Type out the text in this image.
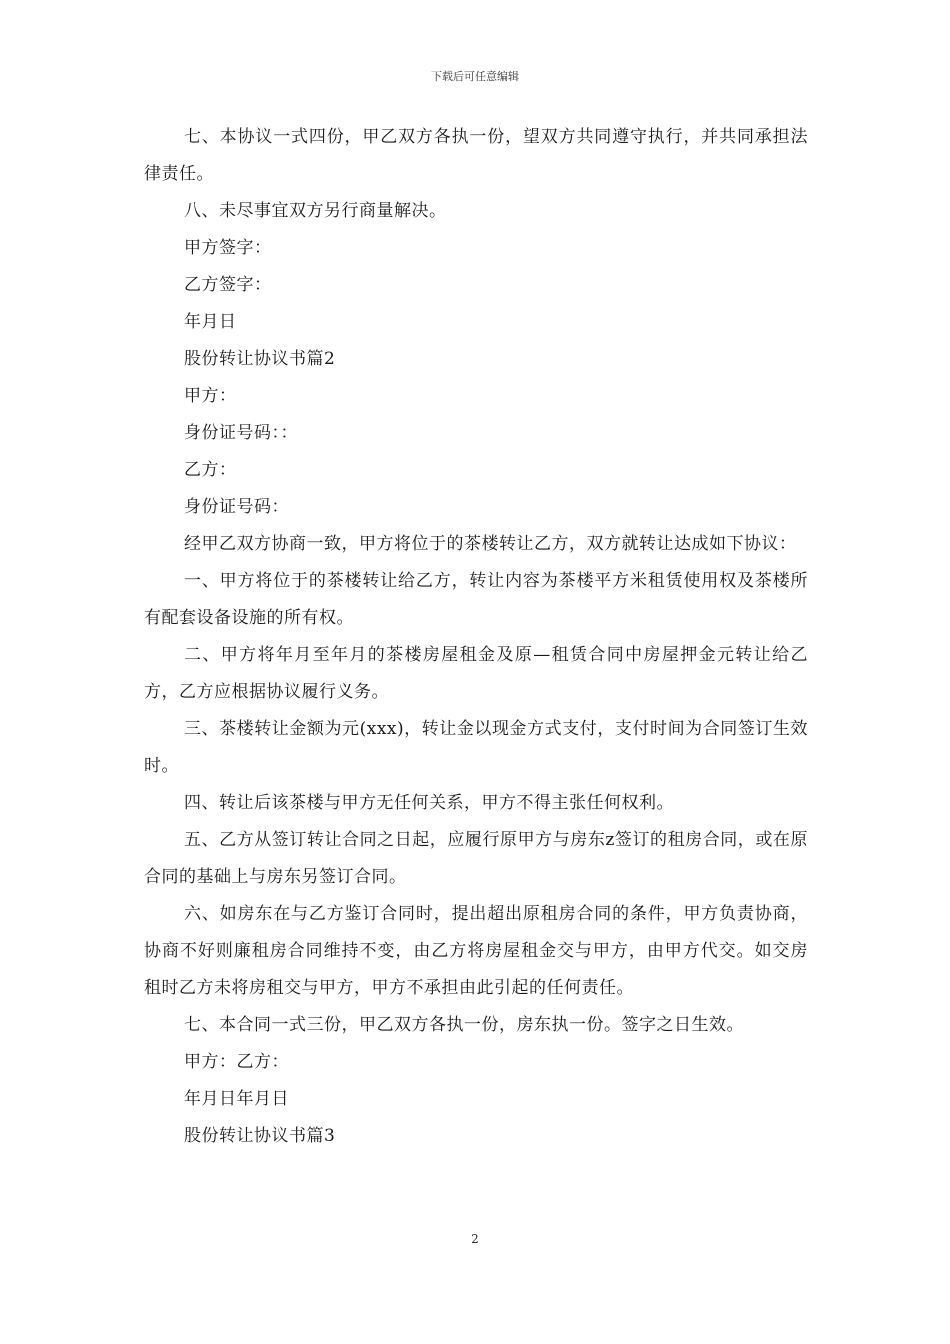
下载后可任意编辑

七、本协议一式四份，甲乙双方各执一份，望双方共同遵守执行，并共同承担法律责任。

八、未尽事宜双方另行商量解决。

甲方签字：

乙方签字：

年月日

股份转让协议书篇2

甲方：

身份证号码：：

乙方：

身份证号码：

经甲乙双方协商一致，甲方将位于的茶楼转让乙方，双方就转让达成如下协议：

一、甲方将位于的茶楼转让给乙方，转让内容为茶楼平方米租赁使用权及茶楼所有配套设备设施的所有权。

二、甲方将年月至年月的茶楼房屋租金及原—租赁合同中房屋押金元转让给乙方，乙方应根据协议履行义务。

三、茶楼转让金额为元(xxx)，转让金以现金方式支付，支付时间为合同签订生效时。

四、转让后该茶楼与甲方无任何关系，甲方不得主张任何权利。

五、乙方从签订转让合同之日起，应履行原甲方与房东z签订的租房合同，或在原合同的基础上与房东另签订合同。

六、如房东在与乙方鉴订合同时，提出超出原租房合同的条件，甲方负责协商，协商不好则廉租房合同维持不变，由乙方将房屋租金交与甲方，由甲方代交。如交房租时乙方未将房租交与甲方，甲方不承担由此引起的任何责任。

七、本合同一式三份，甲乙双方各执一份，房东执一份。签字之日生效。

甲方：乙方：

年月日年月日

股份转让协议书篇3

2
